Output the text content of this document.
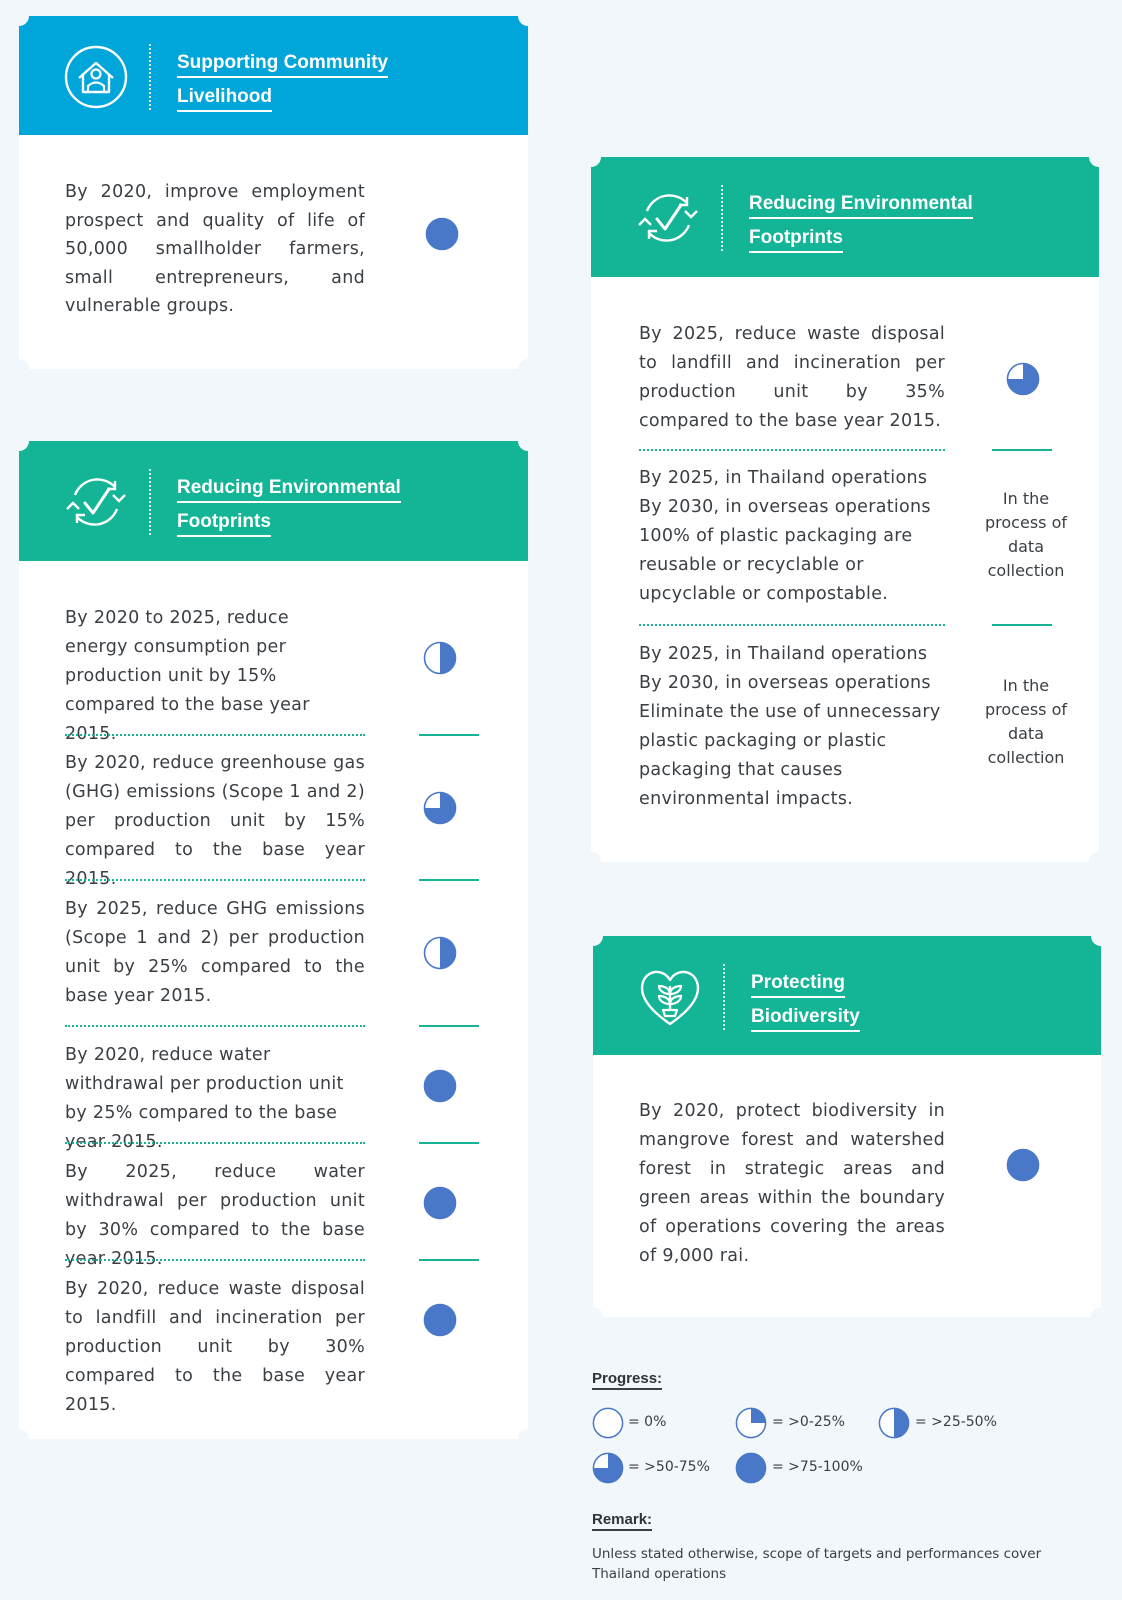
Supporting Community
Livelihood
By 2020, improve employment prospect and quality of life of 50,000 smallholder farmers, small entrepreneurs, and vulnerable groups.
Reducing Environmental
Footprints
By 2020 to 2025, reduce energy consumption per production unit by 15% compared to the base year 2015.
By 2020, reduce greenhouse gas (GHG) emissions (Scope 1 and 2) per production unit by 15% compared to the base year 2015.
By 2025, reduce GHG emissions (Scope 1 and 2) per production unit by 25% compared to the base year 2015.
By 2020, reduce water withdrawal per production unit by 25% compared to the base year 2015.
By 2025, reduce water withdrawal per production unit by 30% compared to the base year 2015.
By 2020, reduce waste disposal to landfill and incineration per production unit by 30% compared to the base year 2015.
Reducing Environmental
Footprints
By 2025, reduce waste disposal to landfill and incineration per production unit by 35% compared to the base year 2015.
By 2025, in Thailand operations
By 2030, in overseas operations
100% of plastic packaging are reusable or recyclable or upcyclable or compostable.
In the process of data collection
By 2025, in Thailand operations
By 2030, in overseas operations
Eliminate the use of unnecessary plastic packaging or plastic packaging that causes environmental impacts.
In the process of data collection
Protecting
Biodiversity
By 2020, protect biodiversity in mangrove forest and watershed forest in strategic areas and green areas within the boundary of operations covering the areas of 9,000 rai.
Progress:
= 0%	= >0-25%	= >25-50%
= >50-75%	= >75-100%
Remark:
Unless stated otherwise, scope of targets and performances cover Thailand operations
